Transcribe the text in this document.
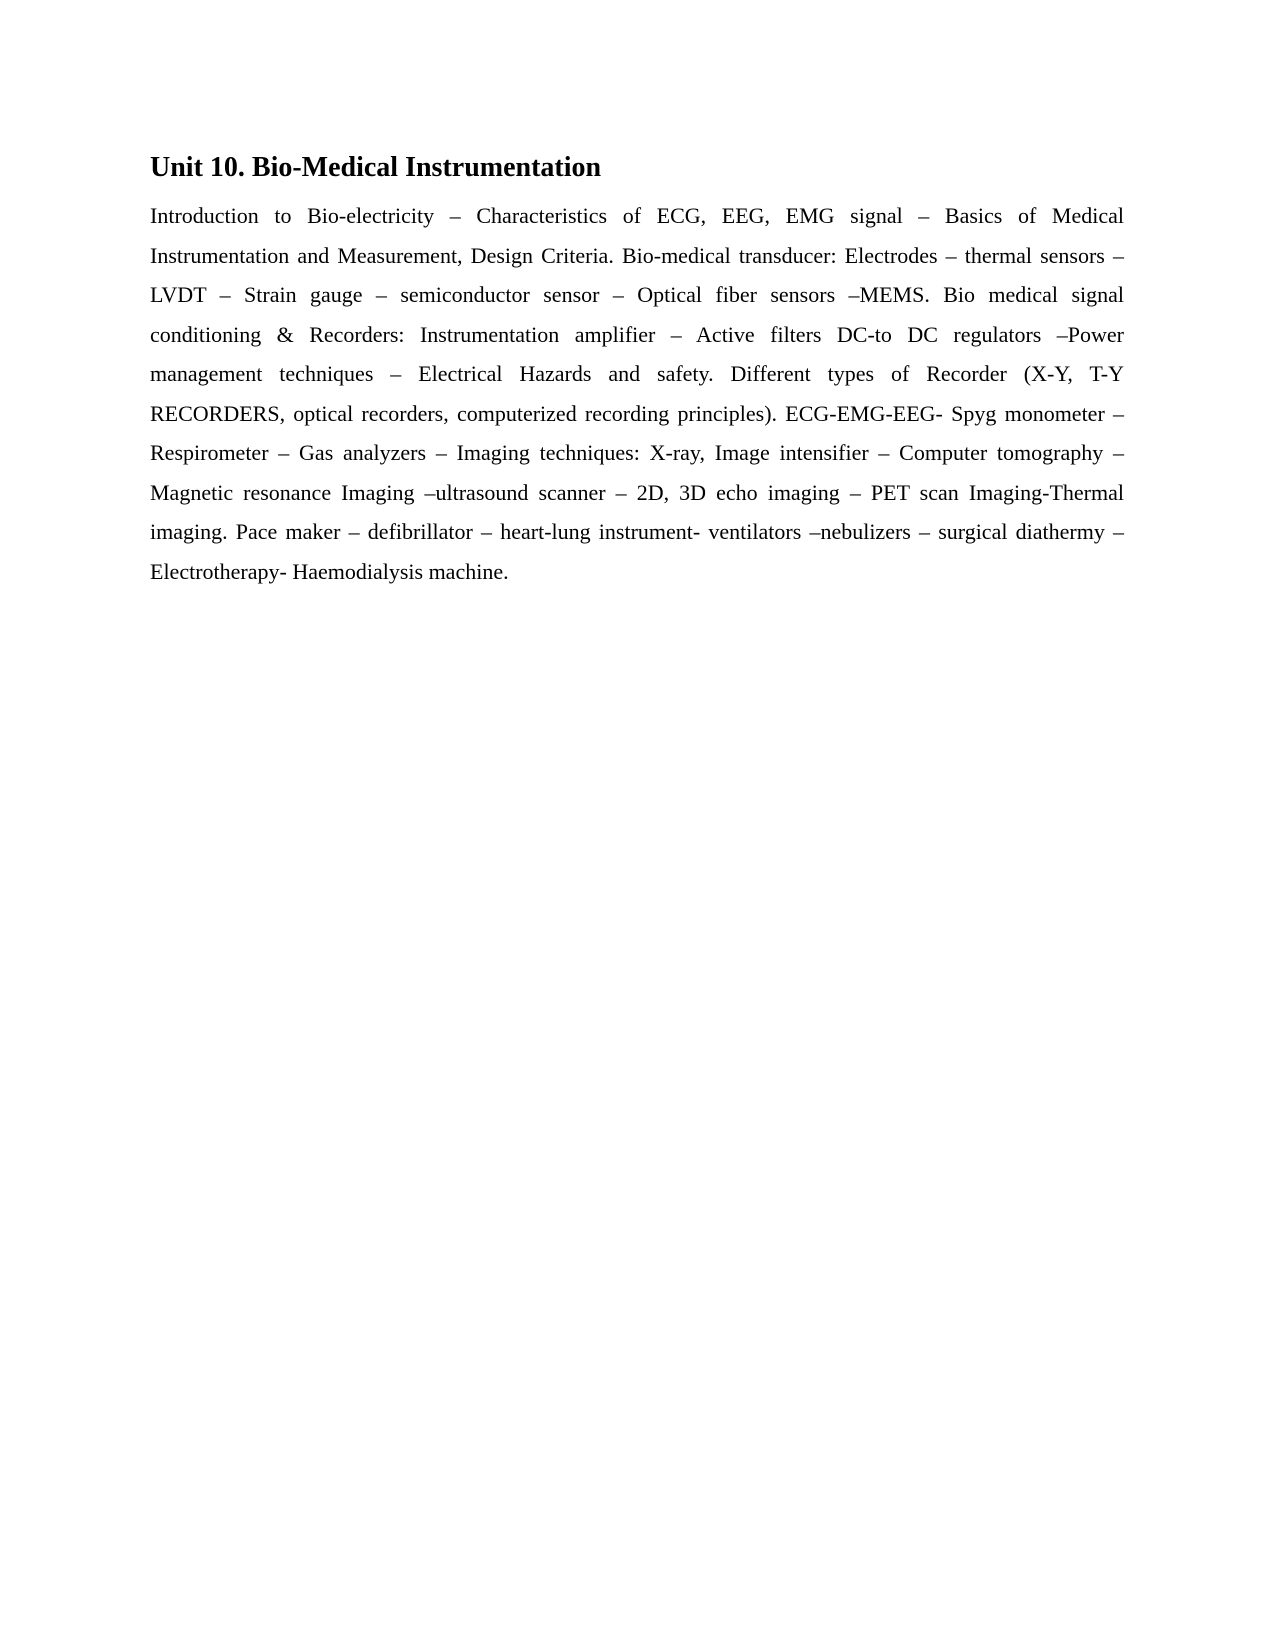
Unit 10. Bio-Medical Instrumentation

Introduction to Bio-electricity – Characteristics of ECG, EEG, EMG signal – Basics of Medical Instrumentation and Measurement, Design Criteria. Bio-medical transducer: Electrodes – thermal sensors – LVDT – Strain gauge – semiconductor sensor – Optical fiber sensors –MEMS. Bio medical signal conditioning & Recorders: Instrumentation amplifier – Active filters DC-to DC regulators –Power management techniques – Electrical Hazards and safety. Different types of Recorder (X-Y, T-Y RECORDERS, optical recorders, computerized recording principles). ECG-EMG-EEG- Spyg monometer – Respirometer – Gas analyzers – Imaging techniques: X-ray, Image intensifier – Computer tomography – Magnetic resonance Imaging –ultrasound scanner – 2D, 3D echo imaging – PET scan Imaging-Thermal imaging. Pace maker – defibrillator – heart-lung instrument- ventilators –nebulizers – surgical diathermy – Electrotherapy- Haemodialysis machine.
